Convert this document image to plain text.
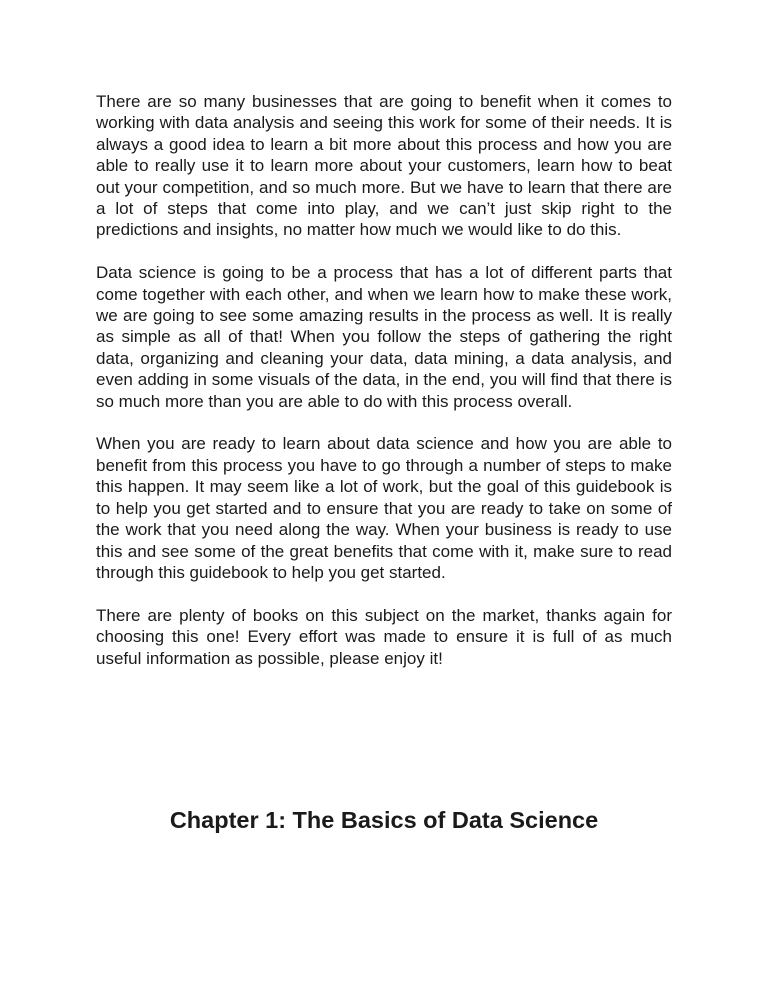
There are so many businesses that are going to benefit when it comes to working with data analysis and seeing this work for some of their needs. It is always a good idea to learn a bit more about this process and how you are able to really use it to learn more about your customers, learn how to beat out your competition, and so much more. But we have to learn that there are a lot of steps that come into play, and we can’t just skip right to the predictions and insights, no matter how much we would like to do this.

Data science is going to be a process that has a lot of different parts that come together with each other, and when we learn how to make these work, we are going to see some amazing results in the process as well. It is really as simple as all of that! When you follow the steps of gathering the right data, organizing and cleaning your data, data mining, a data analysis, and even adding in some visuals of the data, in the end, you will find that there is so much more than you are able to do with this process overall.

When you are ready to learn about data science and how you are able to benefit from this process you have to go through a number of steps to make this happen. It may seem like a lot of work, but the goal of this guidebook is to help you get started and to ensure that you are ready to take on some of the work that you need along the way. When your business is ready to use this and see some of the great benefits that come with it, make sure to read through this guidebook to help you get started.

There are plenty of books on this subject on the market, thanks again for choosing this one! Every effort was made to ensure it is full of as much useful information as possible, please enjoy it!

Chapter 1: The Basics of Data Science
